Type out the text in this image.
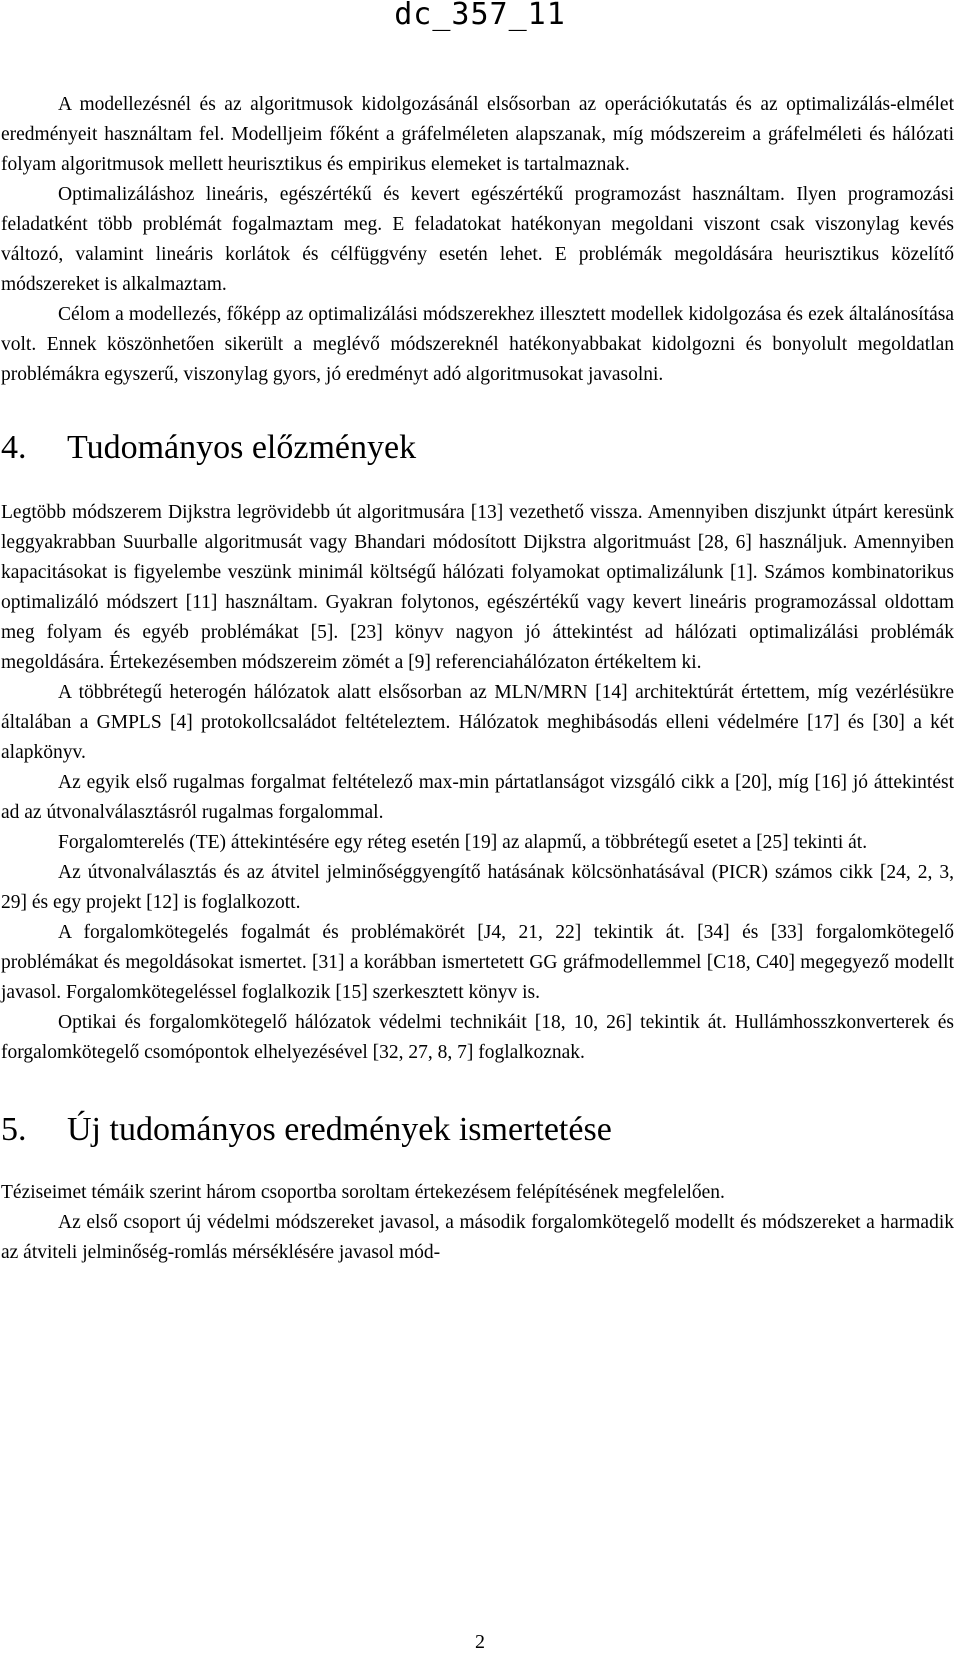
dc_357_11

A modellezésnél és az algoritmusok kidolgozásánál elsősorban az operációkutatás és az optimalizálás-elmélet eredményeit használtam fel. Modelljeim főként a gráfelméleten alapszanak, míg módszereim a gráfelméleti és hálózati folyam algoritmusok mellett heurisztikus és empirikus elemeket is tartalmaznak.

Optimalizáláshoz lineáris, egészértékű és kevert egészértékű programozást használtam. Ilyen programozási feladatként több problémát fogalmaztam meg. E feladatokat hatékonyan megoldani viszont csak viszonylag kevés változó, valamint lineáris korlátok és célfüggvény esetén lehet. E problémák megoldására heurisztikus közelítő módszereket is alkalmaztam.

Célom a modellezés, főképp az optimalizálási módszerekhez illesztett modellek kidolgozása és ezek általánosítása volt. Ennek köszönhetően sikerült a meglévő módszereknél hatékonyabbakat kidolgozni és bonyolult megoldatlan problémákra egyszerű, viszonylag gyors, jó eredményt adó algoritmusokat javasolni.

4.	Tudományos előzmények

Legtöbb módszerem Dijkstra legrövidebb út algoritmusára [13] vezethető vissza. Amennyiben diszjunkt útpárt keresünk leggyakrabban Suurballe algoritmusát vagy Bhandari módosított Dijkstra algoritmuást [28, 6] használjuk. Amennyiben kapacitásokat is figyelembe veszünk minimál költségű hálózati folyamokat optimalizálunk [1]. Számos kombinatorikus optimalizáló módszert [11] használtam. Gyakran folytonos, egészértékű vagy kevert lineáris programozással oldottam meg folyam és egyéb problémákat [5]. [23] könyv nagyon jó áttekintést ad hálózati optimalizálási problémák megoldására. Értekezésemben módszereim zömét a [9] referenciahálózaton értékeltem ki.

A többrétegű heterogén hálózatok alatt elsősorban az MLN/MRN [14] architektúrát értettem, míg vezérlésükre általában a GMPLS [4] protokollcsaládot feltételeztem. Hálózatok meghibásodás elleni védelmére [17] és [30] a két alapkönyv.

Az egyik első rugalmas forgalmat feltételező max-min pártatlanságot vizsgáló cikk a [20], míg [16] jó áttekintést ad az útvonalválasztásról rugalmas forgalommal.

Forgalomterelés (TE) áttekintésére egy réteg esetén [19] az alapmű, a többrétegű esetet a [25] tekinti át.

Az útvonalválasztás és az átvitel jelminőséggyengítő hatásának kölcsönhatásával (PICR) számos cikk [24, 2, 3, 29] és egy projekt [12] is foglalkozott.

A forgalomkötegelés fogalmát és problémakörét [J4, 21, 22] tekintik át. [34] és [33] forgalomkötegelő problémákat és megoldásokat ismertet. [31] a korábban ismertetett GG gráfmodellemmel [C18, C40] megegyező modellt javasol. Forgalomkötegeléssel foglalkozik [15] szerkesztett könyv is.

Optikai és forgalomkötegelő hálózatok védelmi technikáit [18, 10, 26] tekintik át. Hullámhosszkonverterek és forgalomkötegelő csomópontok elhelyezésével [32, 27, 8, 7] foglalkoznak.

5.	Új tudományos eredmények ismertetése

Téziseimet témáik szerint három csoportba soroltam értekezésem felépítésének megfelelően.

Az első csoport új védelmi módszereket javasol, a második forgalomkötegelő modellt és módszereket a harmadik az átviteli jelminőség-romlás mérséklésére javasol mód-

2
